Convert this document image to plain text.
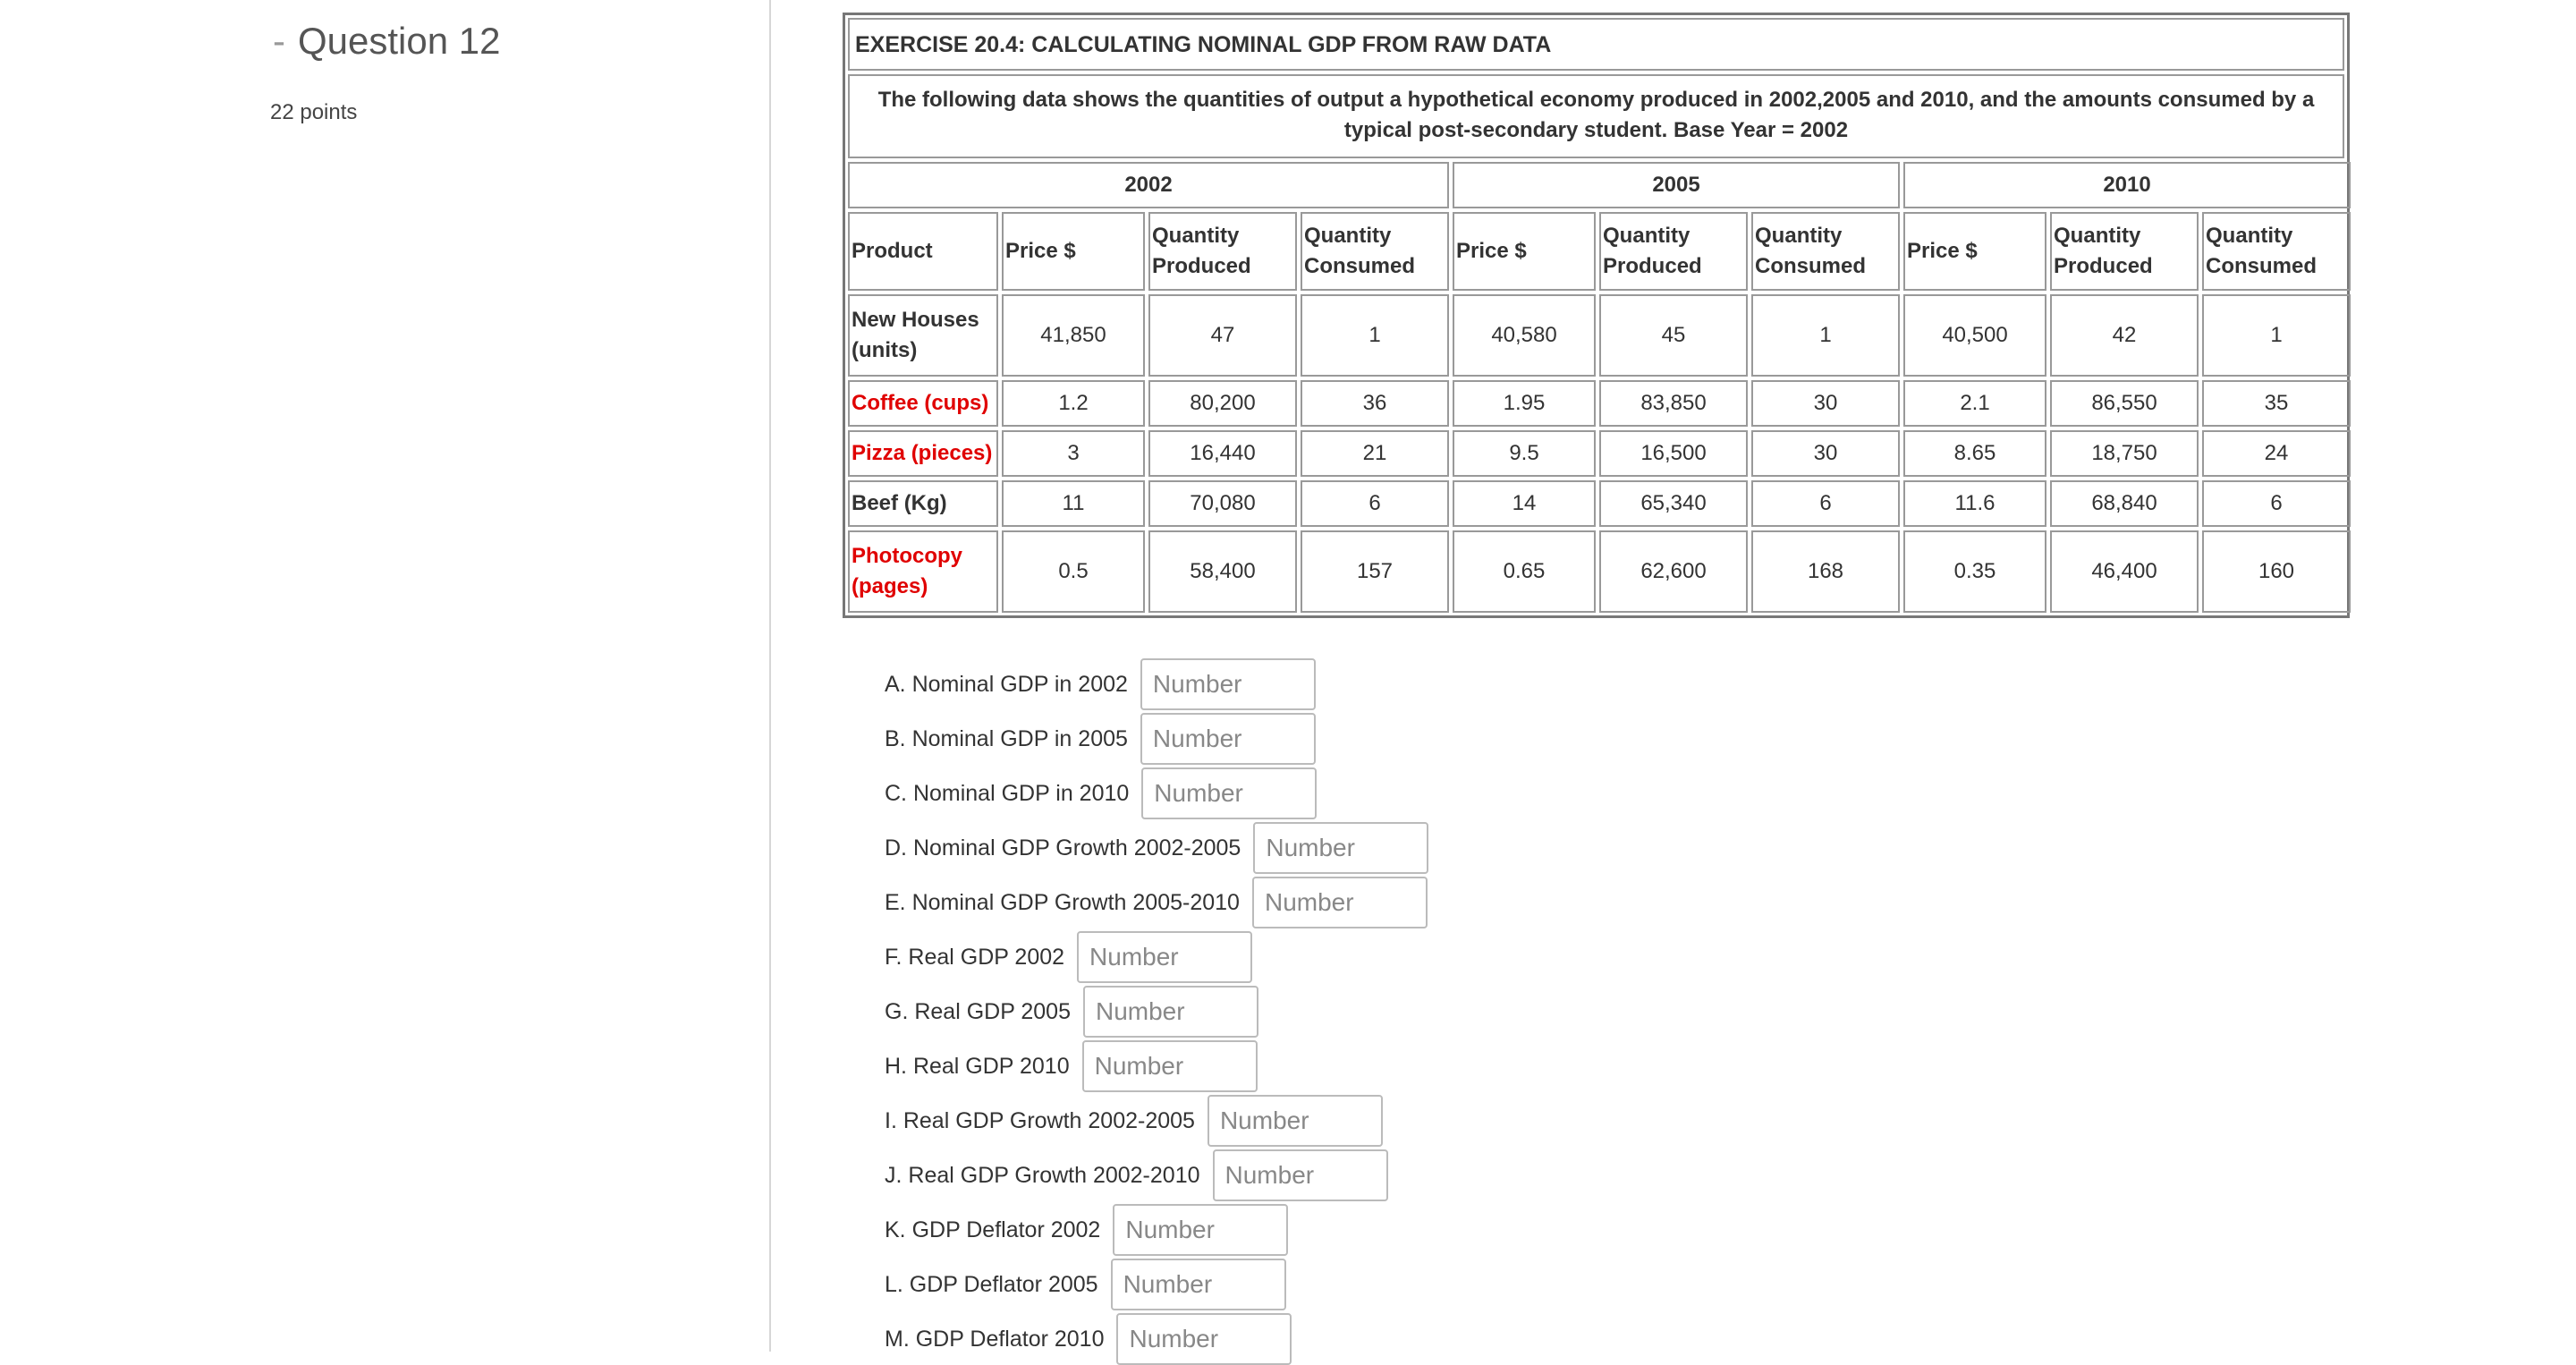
- Question 12
22 points
EXERCISE 20.4: CALCULATING NOMINAL GDP FROM RAW DATA
The following data shows the quantities of output a hypothetical economy produced in 2002,2005 and 2010, and the amounts consumed by a typical post-secondary student. Base Year = 2002
2002				2005			2010		
Product	Price $	Quantity Produced	Quantity Consumed	Price $	Quantity Produced	Quantity Consumed	Price $	Quantity Produced	Quantity Consumed
New Houses (units)	41,850	47	1	40,580	45	1	40,500	42	1
Coffee (cups)	1.2	80,200	36	1.95	83,850	30	2.1	86,550	35
Pizza (pieces)	3	16,440	21	9.5	16,500	30	8.65	18,750	24
Beef (Kg)	11	70,080	6	14	65,340	6	11.6	68,840	6
Photocopy (pages)	0.5	58,400	157	0.65	62,600	168	0.35	46,400	160
A. Nominal GDP in 2002
Number
B. Nominal GDP in 2005
Number
C. Nominal GDP in 2010
Number
D. Nominal GDP Growth 2002-2005
Number
E. Nominal GDP Growth 2005-2010
Number
F. Real GDP 2002
Number
G. Real GDP 2005
Number
H. Real GDP 2010
Number
I. Real GDP Growth 2002-2005
Number
J. Real GDP Growth 2002-2010
Number
K. GDP Deflator 2002
Number
L. GDP Deflator 2005
Number
M. GDP Deflator 2010
Number
